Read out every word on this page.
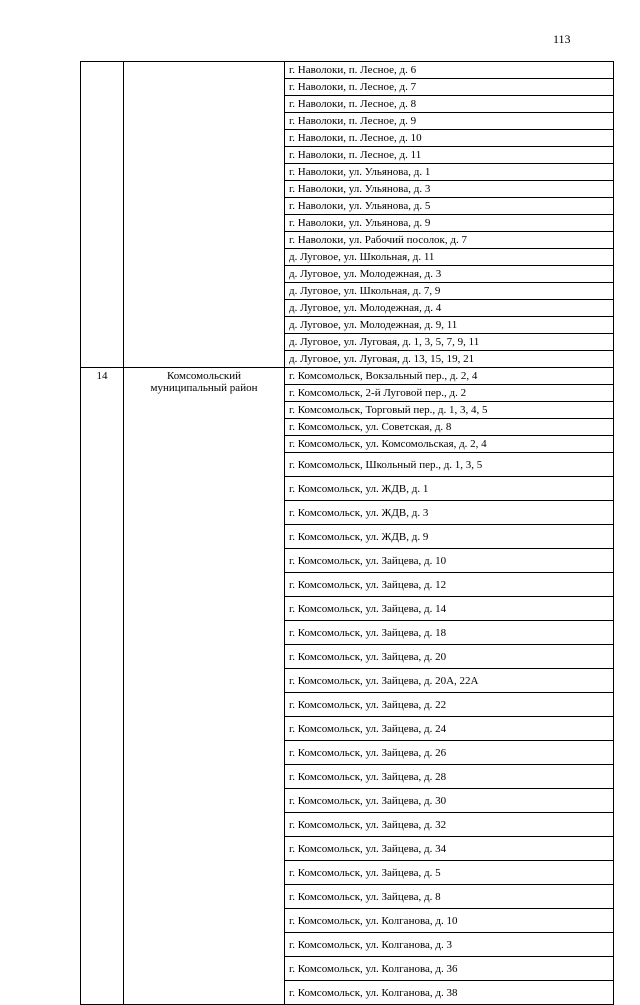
113
		г. Наволоки, п. Лесное, д. 6
		г. Наволоки, п. Лесное, д. 7
		г. Наволоки, п. Лесное, д. 8
		г. Наволоки, п. Лесное, д. 9
		г. Наволоки, п. Лесное, д. 10
		г. Наволоки, п. Лесное, д. 11
		г. Наволоки, ул. Ульянова, д. 1
		г. Наволоки, ул. Ульянова, д. 3
		г. Наволоки, ул. Ульянова, д. 5
		г. Наволоки, ул. Ульянова, д. 9
		г. Наволоки, ул. Рабочий посолок, д. 7
		д. Луговое, ул. Школьная, д. 11
		д. Луговое, ул. Молодежная, д. 3
		д. Луговое, ул. Школьная, д. 7, 9
		д. Луговое, ул. Молодежная, д. 4
		д. Луговое, ул. Молодежная, д. 9, 11
		д. Луговое, ул. Луговая, д. 1, 3, 5, 7, 9, 11
		д. Луговое, ул. Луговая, д. 13, 15, 19, 21
14	Комсомольский муниципальный район	г. Комсомольск, Вокзальный пер., д. 2, 4
		г. Комсомольск, 2-й Луговой пер., д. 2
		г. Комсомольск, Торговый пер., д. 1, 3, 4, 5
		г. Комсомольск, ул. Советская, д. 8
		г. Комсомольск, ул. Комсомольская, д. 2, 4
		г. Комсомольск, Школьный пер., д. 1, 3, 5
		г. Комсомольск, ул. ЖДВ, д. 1
		г. Комсомольск, ул. ЖДВ, д. 3
		г. Комсомольск, ул. ЖДВ, д. 9
		г. Комсомольск, ул. Зайцева, д. 10
		г. Комсомольск, ул. Зайцева, д. 12
		г. Комсомольск, ул. Зайцева, д. 14
		г. Комсомольск, ул. Зайцева, д. 18
		г. Комсомольск, ул. Зайцева, д. 20
		г. Комсомольск, ул. Зайцева, д. 20А, 22А
		г. Комсомольск, ул. Зайцева, д. 22
		г. Комсомольск, ул. Зайцева, д. 24
		г. Комсомольск, ул. Зайцева, д. 26
		г. Комсомольск, ул. Зайцева, д. 28
		г. Комсомольск, ул. Зайцева, д. 30
		г. Комсомольск, ул. Зайцева, д. 32
		г. Комсомольск, ул. Зайцева, д. 34
		г. Комсомольск, ул. Зайцева, д. 5
		г. Комсомольск, ул. Зайцева, д. 8
		г. Комсомольск, ул. Колганова, д. 10
		г. Комсомольск, ул. Колганова, д. 3
		г. Комсомольск, ул. Колганова, д. 36
		г. Комсомольск, ул. Колганова, д. 38
